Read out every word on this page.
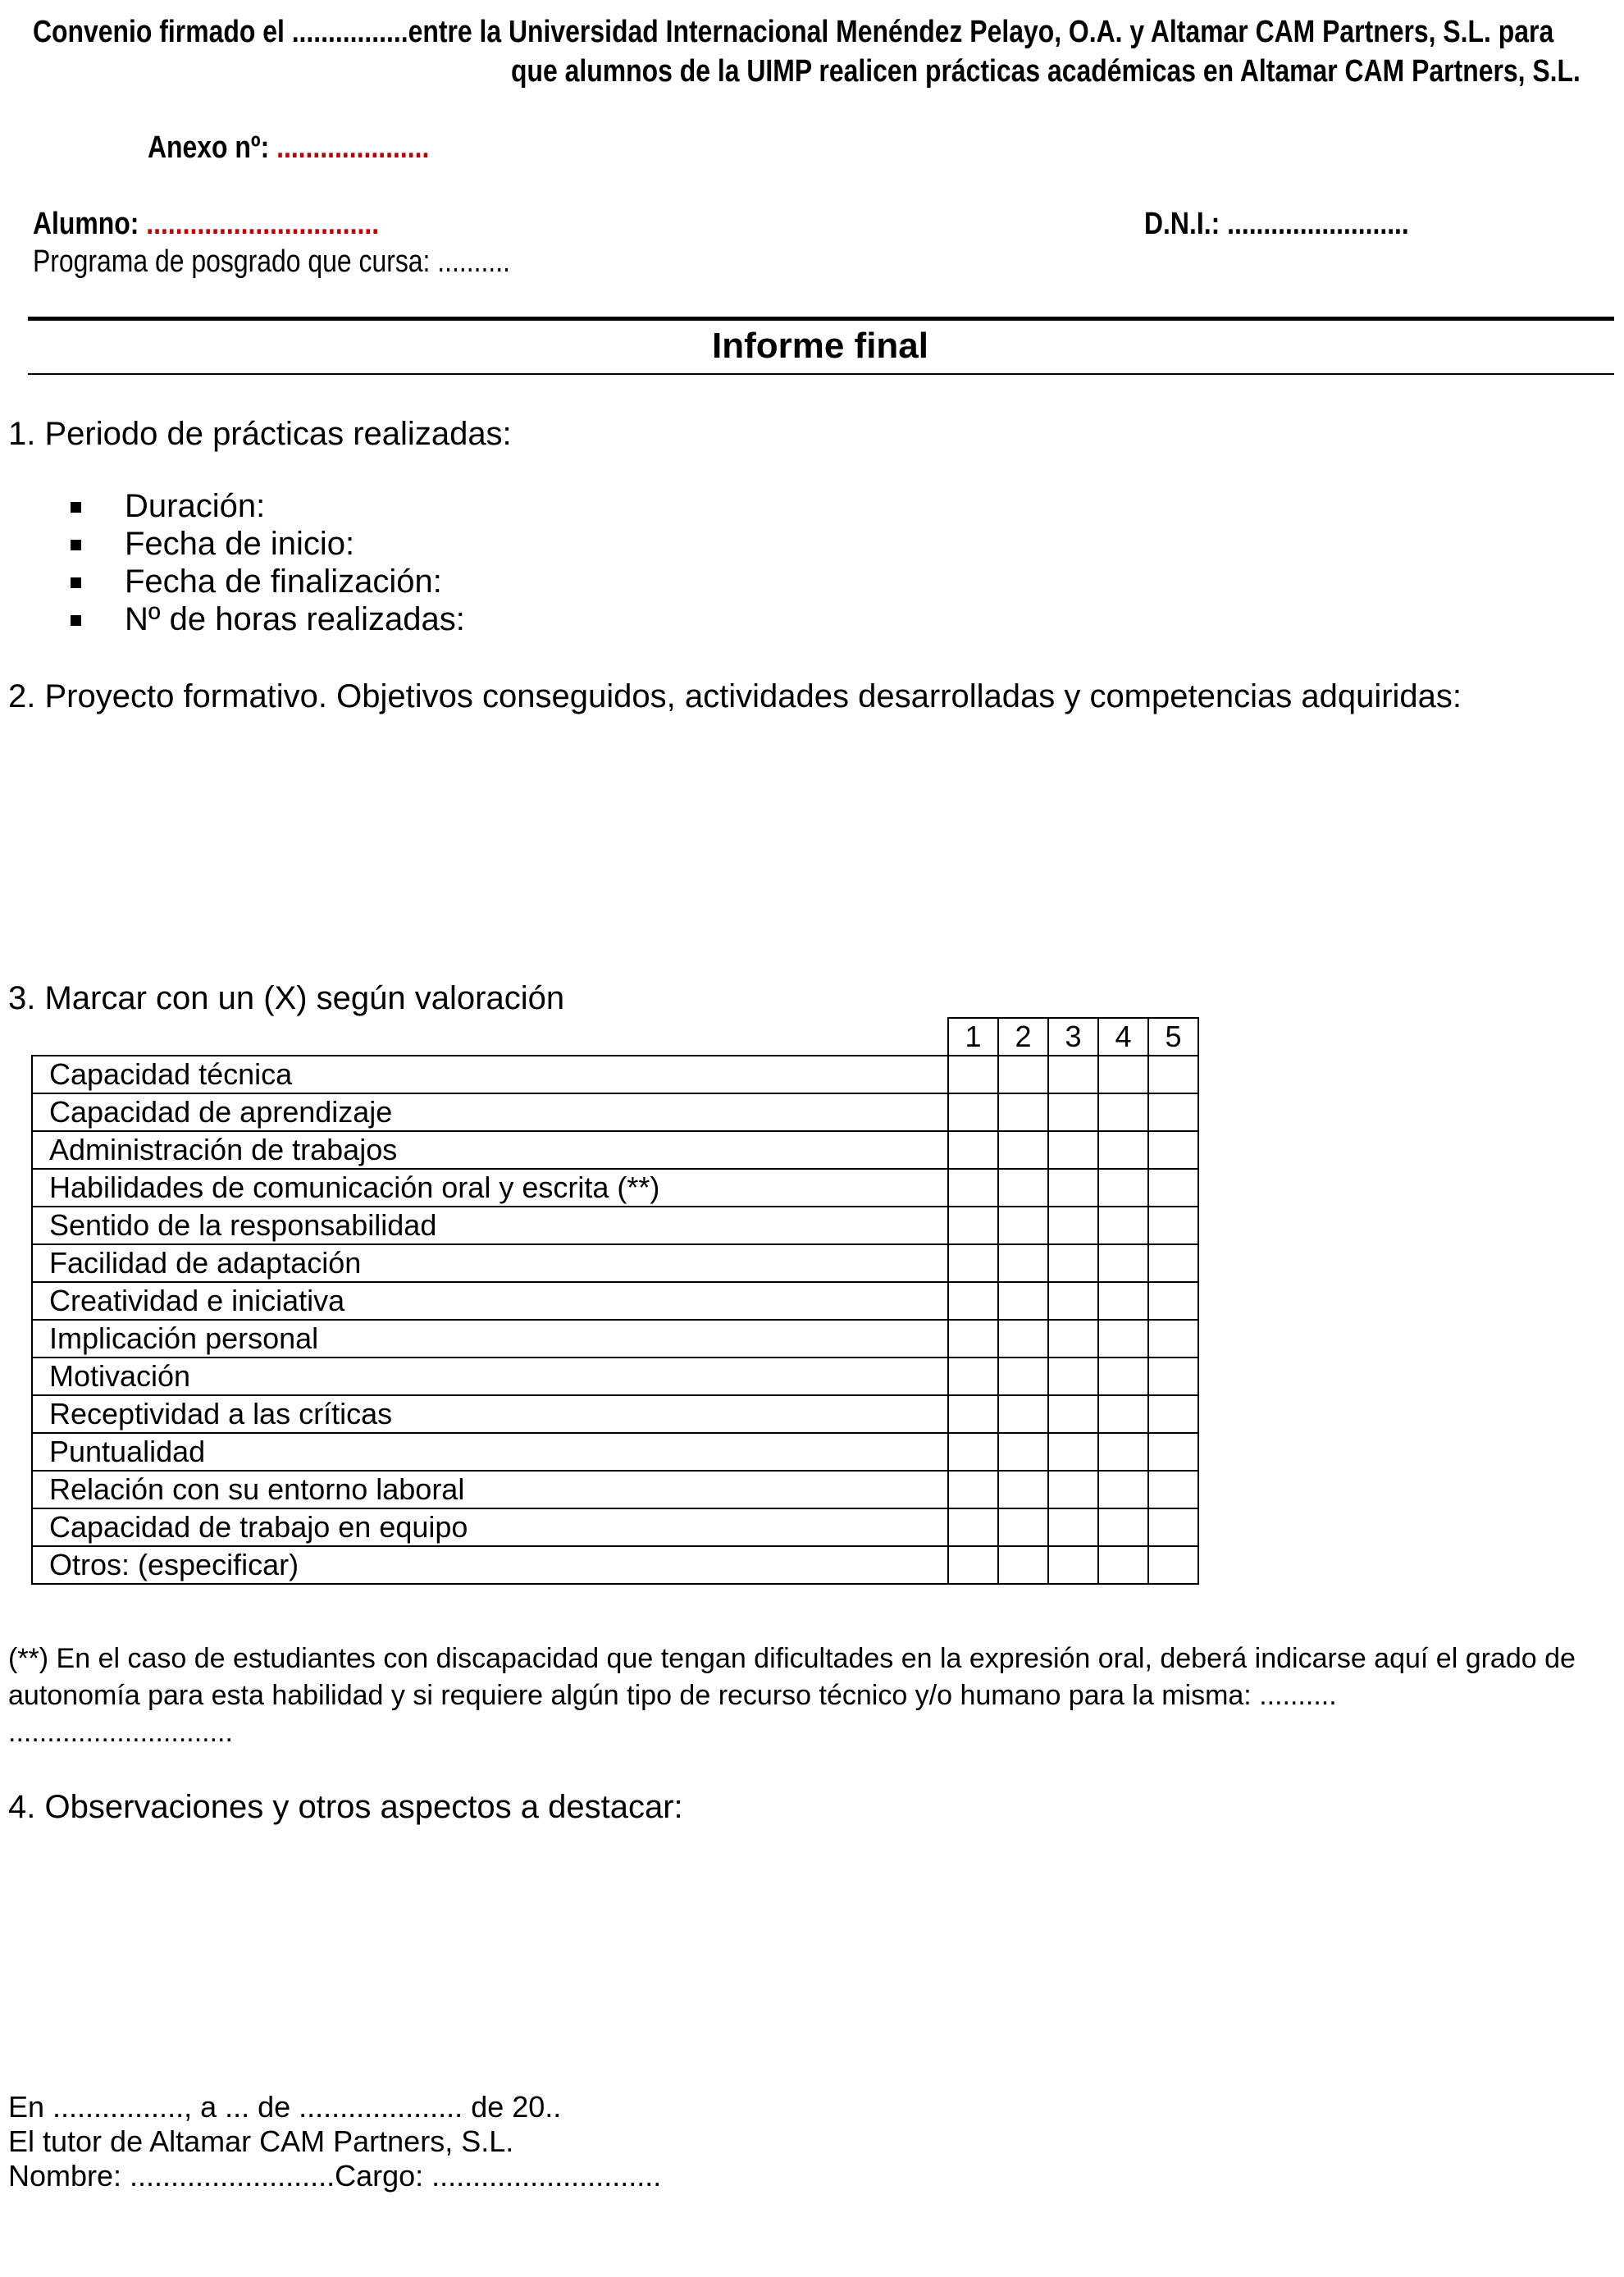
Convenio firmado el ................entre la Universidad Internacional Menéndez Pelayo, O.A. y Altamar CAM Partners, S.L. para

que alumnos de la UIMP realicen prácticas académicas en Altamar CAM Partners, S.L.

Anexo nº: .....................

Alumno: ................................	D.N.I.: .........................

Programa de posgrado que cursa: ..........

Informe final

1. Periodo de prácticas realizadas:

Duración:
Fecha de inicio:
Fecha de finalización:
Nº de horas realizadas:

2. Proyecto formativo. Objetivos conseguidos, actividades desarrolladas y competencias adquiridas:

3. Marcar con un (X) según valoración

	1	2	3	4	5
Capacidad técnica					
Capacidad de aprendizaje					
Administración de trabajos					
Habilidades de comunicación oral y escrita (**)					
Sentido de la responsabilidad					
Facilidad de adaptación					
Creatividad e iniciativa					
Implicación personal					
Motivación					
Receptividad a las críticas					
Puntualidad					
Relación con su entorno laboral					
Capacidad de trabajo en equipo					
Otros: (especificar)					
(**) En el caso de estudiantes con discapacidad que tengan dificultades en la expresión oral, deberá indicarse aquí el grado de
autonomía para esta habilidad y si requiere algún tipo de recurso técnico y/o humano para la misma: ..........
.............................

4. Observaciones y otros aspectos a destacar:

En ................, a ... de .................... de 20..

El tutor de Altamar CAM Partners, S.L.

Nombre: .........................Cargo: ............................
